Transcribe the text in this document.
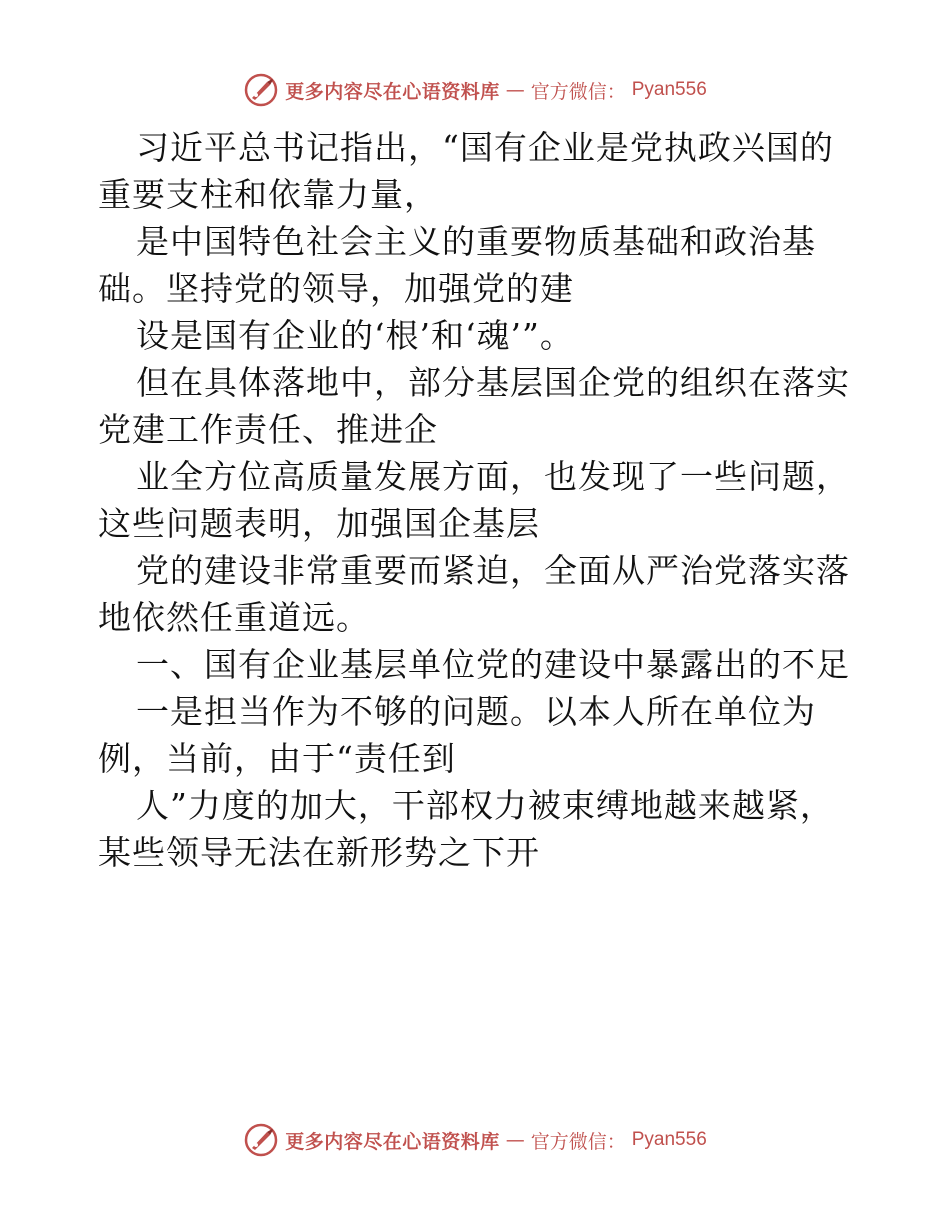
更多内容尽在心语资料库 — 官方微信： Pyan556
习近平总书记指出，“国有企业是党执政兴国的
重要支柱和依靠力量，
是中国特色社会主义的重要物质基础和政治基
础。坚持党的领导，加强党的建
设是国有企业的‘根’和‘魂’”。
但在具体落地中，部分基层国企党的组织在落实
党建工作责任、推进企
业全方位高质量发展方面，也发现了一些问题，
这些问题表明，加强国企基层
党的建设非常重要而紧迫，全面从严治党落实落
地依然任重道远。
一、国有企业基层单位党的建设中暴露出的不足
一是担当作为不够的问题。以本人所在单位为
例，当前，由于“责任到
人”力度的加大，干部权力被束缚地越来越紧，
某些领导无法在新形势之下开
更多内容尽在心语资料库 — 官方微信： Pyan556
